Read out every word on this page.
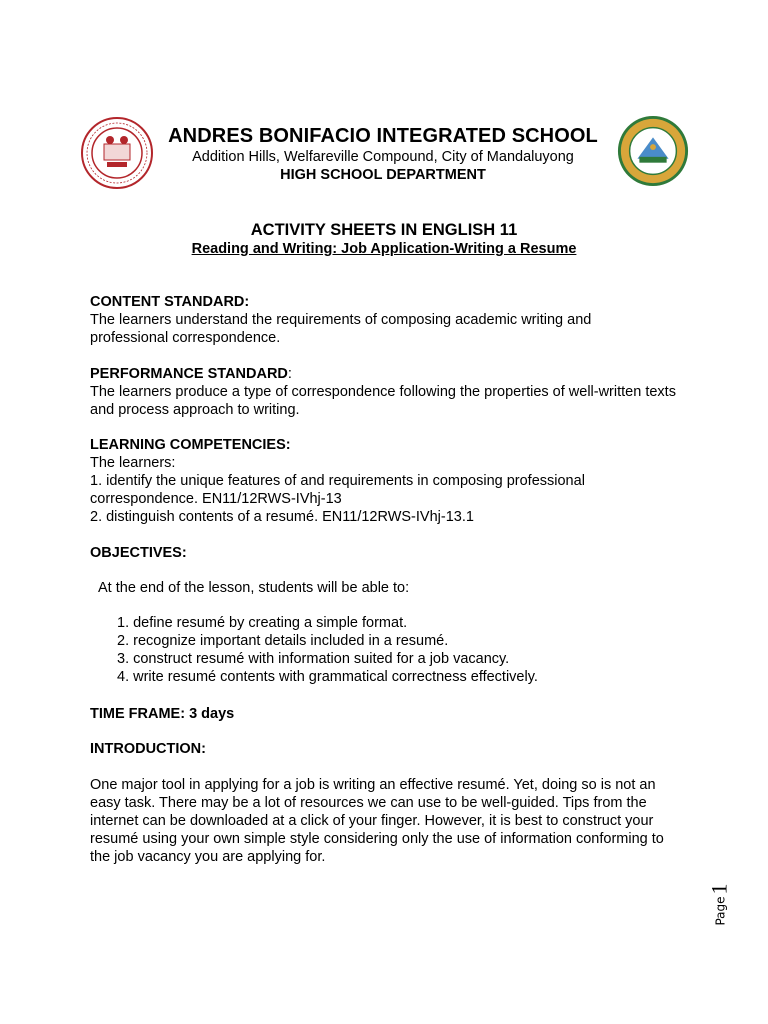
ANDRES BONIFACIO INTEGRATED SCHOOL
Addition Hills, Welfareville Compound, City of Mandaluyong
HIGH SCHOOL DEPARTMENT
ACTIVITY SHEETS IN ENGLISH 11
Reading and Writing: Job Application-Writing a Resume

CONTENT STANDARD:

The learners understand the requirements of composing academic writing and professional correspondence.

PERFORMANCE STANDARD:

The learners produce a type of correspondence following the properties of well-written texts and process approach to writing.

LEARNING COMPETENCIES:

The learners:

1. identify the unique features of and requirements in composing professional correspondence. EN11/12RWS-IVhj-13

2. distinguish contents of a resumé. EN11/12RWS-IVhj-13.1

OBJECTIVES:

At the end of the lesson, students will be able to:

1. define resumé by creating a simple format.

2. recognize important details included in a resumé.

3. construct resumé with information suited for a job vacancy.

4. write resumé contents with grammatical correctness effectively.

TIME FRAME: 3 days
INTRODUCTION:
One major tool in applying for a job is writing an effective resumé. Yet, doing so is not an easy task. There may be a lot of resources we can use to be well-guided. Tips from the internet can be downloaded at a click of your finger. However, it is best to construct your resumé using your own simple style considering only the use of information conforming to the job vacancy you are applying for.
1
Page
